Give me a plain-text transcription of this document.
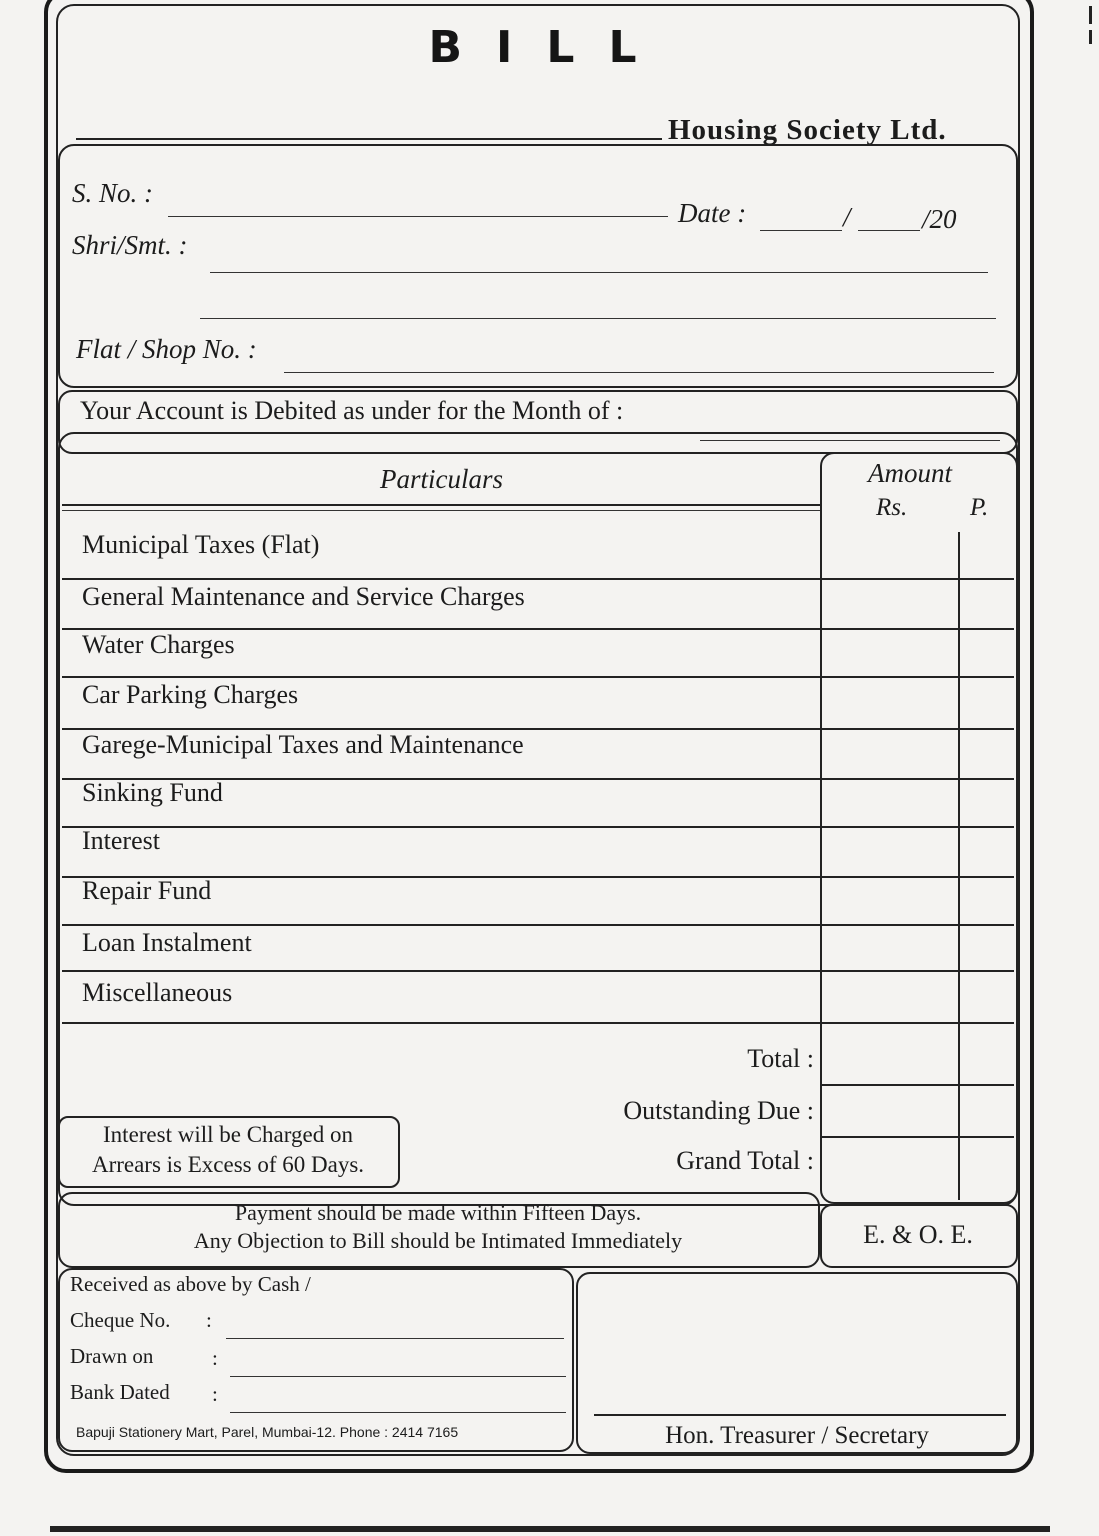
BILL
Housing Society Ltd.
S. No. :
Date :	/	/20
Shri/Smt. :
Flat / Shop No. :
Your Account is Debited as under for the Month of :
Particulars	Amount
Rs.	P.
Municipal Taxes (Flat)
General Maintenance and Service Charges
Water Charges
Car Parking Charges
Garege-Municipal Taxes and Maintenance
Sinking Fund
Interest
Repair Fund
Loan Instalment
Miscellaneous
Total :
Outstanding Due :
Grand Total :
Interest will be Charged on
Arrears is Excess of 60 Days.
Payment should be made within Fifteen Days.
Any Objection to Bill should be Intimated Immediately	E. & O. E.
Received as above by Cash /
Cheque No. :
Drawn on	:
Bank Dated :
Bapuji Stationery Mart, Parel, Mumbai-12. Phone : 2414 7165	Hon. Treasurer / Secretary
